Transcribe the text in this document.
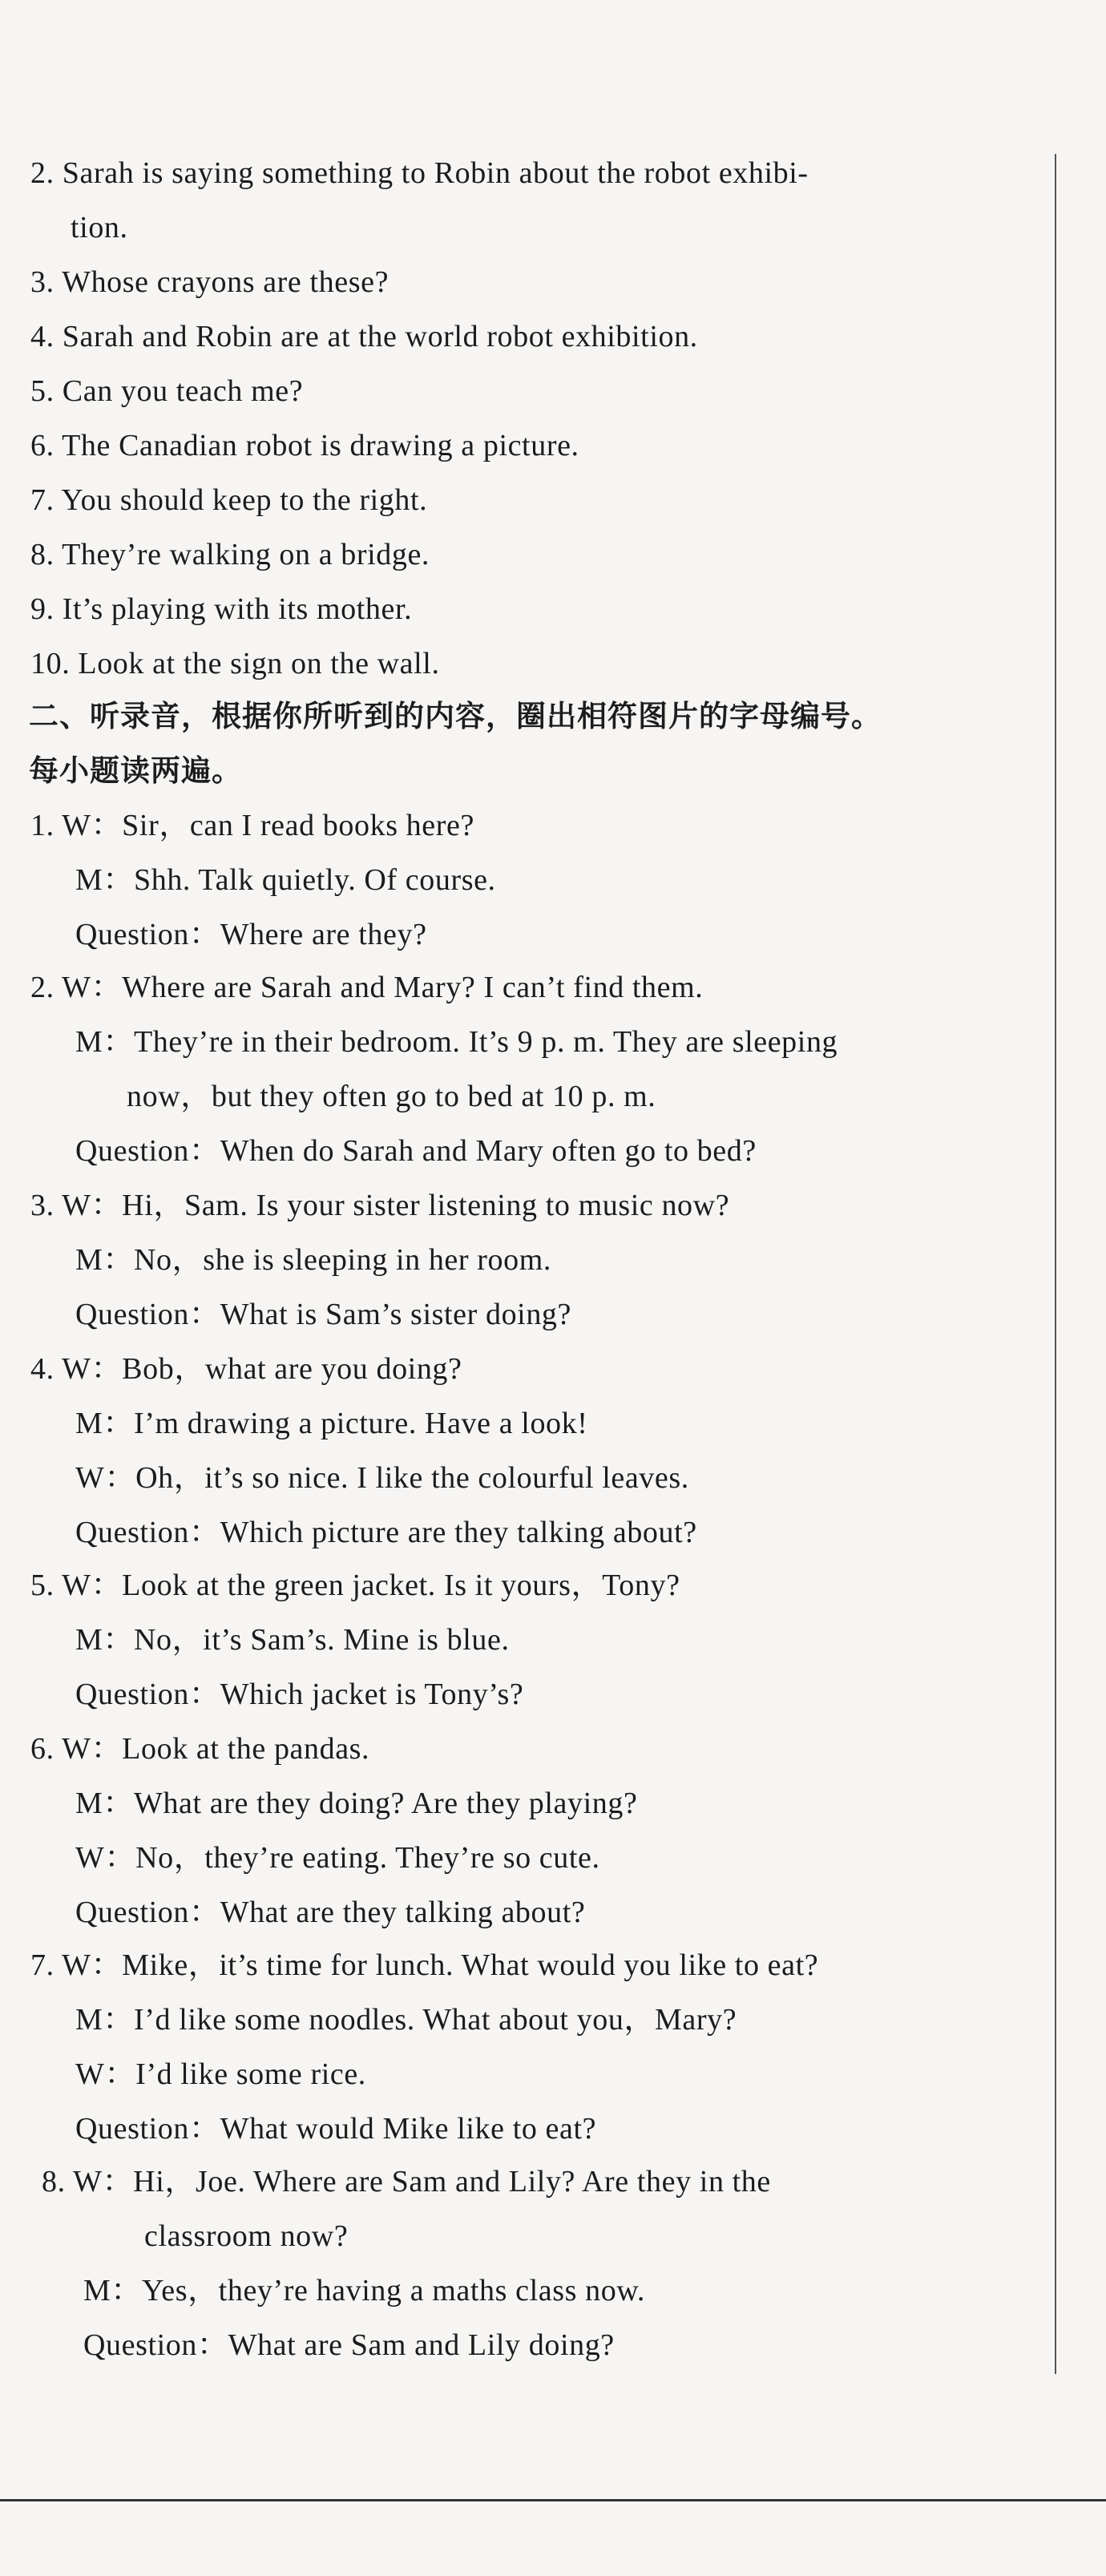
2. Sarah is saying something to Robin about the robot exhibi-
tion.
3. Whose crayons are these?
4. Sarah and Robin are at the world robot exhibition.
5. Can you teach me?
6. The Canadian robot is drawing a picture.
7. You should keep to the right.
8. They’re walking on a bridge.
9. It’s playing with its mother.
10. Look at the sign on the wall.
二、听录音，根据你所听到的内容，圈出相符图片的字母编号。
每小题读两遍。
1. W：Sir，can I read books here?
M：Shh. Talk quietly. Of course.
Question：Where are they?
2. W：Where are Sarah and Mary? I can’t find them.
M：They’re in their bedroom. It’s 9 p. m. They are sleeping
now，but they often go to bed at 10 p. m.
Question：When do Sarah and Mary often go to bed?
3. W：Hi，Sam. Is your sister listening to music now?
M：No，she is sleeping in her room.
Question：What is Sam’s sister doing?
4. W：Bob，what are you doing?
M：I’m drawing a picture. Have a look!
W：Oh，it’s so nice. I like the colourful leaves.
Question：Which picture are they talking about?
5. W：Look at the green jacket. Is it yours，Tony?
M：No，it’s Sam’s. Mine is blue.
Question：Which jacket is Tony’s?
6. W：Look at the pandas.
M：What are they doing? Are they playing?
W：No，they’re eating. They’re so cute.
Question：What are they talking about?
7. W：Mike，it’s time for lunch. What would you like to eat?
M：I’d like some noodles. What about you，Mary?
W：I’d like some rice.
Question：What would Mike like to eat?
8. W：Hi，Joe. Where are Sam and Lily? Are they in the
classroom now?
M：Yes，they’re having a maths class now.
Question：What are Sam and Lily doing?
